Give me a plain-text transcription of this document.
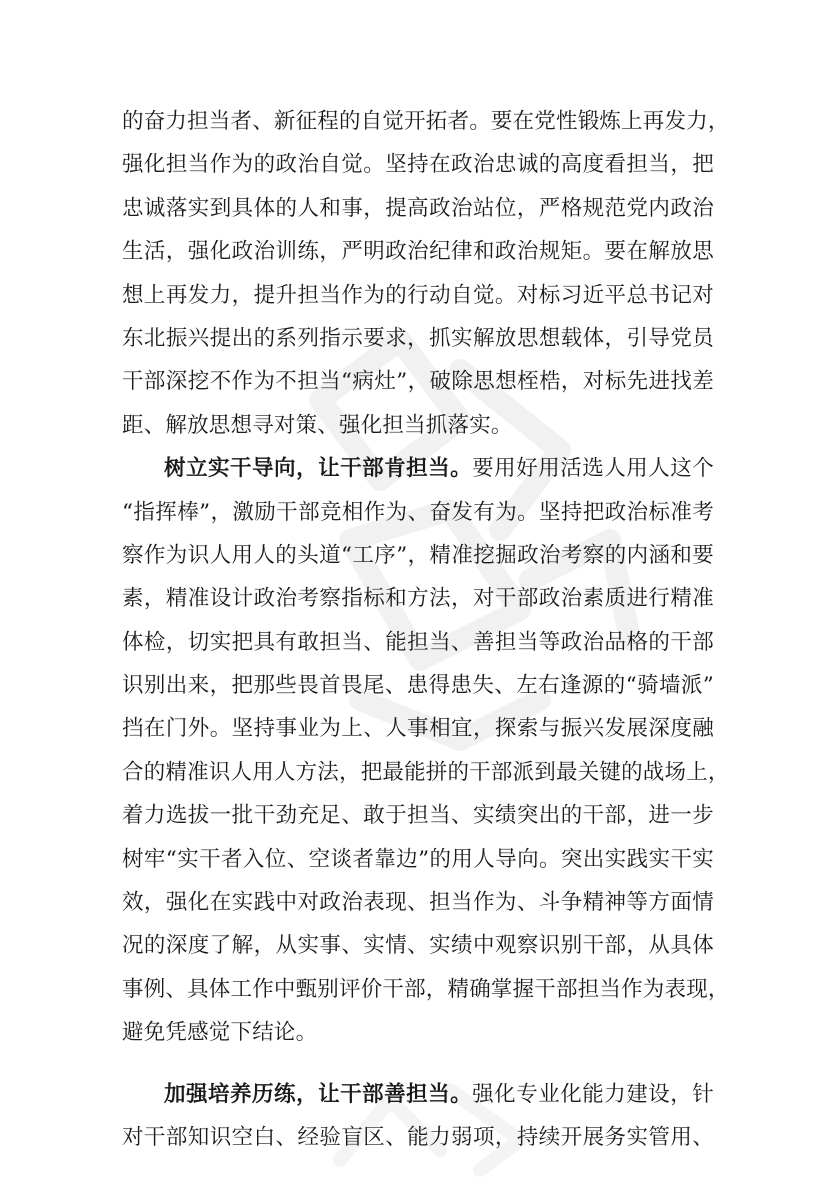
的奋力担当者、新征程的自觉开拓者。要在党性锻炼上再发力，
强化担当作为的政治自觉。坚持在政治忠诚的高度看担当，把
忠诚落实到具体的人和事，提高政治站位，严格规范党内政治
生活，强化政治训练，严明政治纪律和政治规矩。要在解放思
想上再发力，提升担当作为的行动自觉。对标习近平总书记对
东北振兴提出的系列指示要求，抓实解放思想载体，引导党员
干部深挖不作为不担当“病灶”，破除思想桎梏，对标先进找差
距、解放思想寻对策、强化担当抓落实。
树立实干导向，让干部肯担当。要用好用活选人用人这个
“指挥棒”，激励干部竞相作为、奋发有为。坚持把政治标准考
察作为识人用人的头道“工序”，精准挖掘政治考察的内涵和要
素，精准设计政治考察指标和方法，对干部政治素质进行精准
体检，切实把具有敢担当、能担当、善担当等政治品格的干部
识别出来，把那些畏首畏尾、患得患失、左右逢源的“骑墙派”
挡在门外。坚持事业为上、人事相宜，探索与振兴发展深度融
合的精准识人用人方法，把最能拼的干部派到最关键的战场上，
着力选拔一批干劲充足、敢于担当、实绩突出的干部，进一步
树牢“实干者入位、空谈者靠边”的用人导向。突出实践实干实
效，强化在实践中对政治表现、担当作为、斗争精神等方面情
况的深度了解，从实事、实情、实绩中观察识别干部，从具体
事例、具体工作中甄别评价干部，精确掌握干部担当作为表现，
避免凭感觉下结论。
加强培养历练，让干部善担当。强化专业化能力建设，针
对干部知识空白、经验盲区、能力弱项，持续开展务实管用、
